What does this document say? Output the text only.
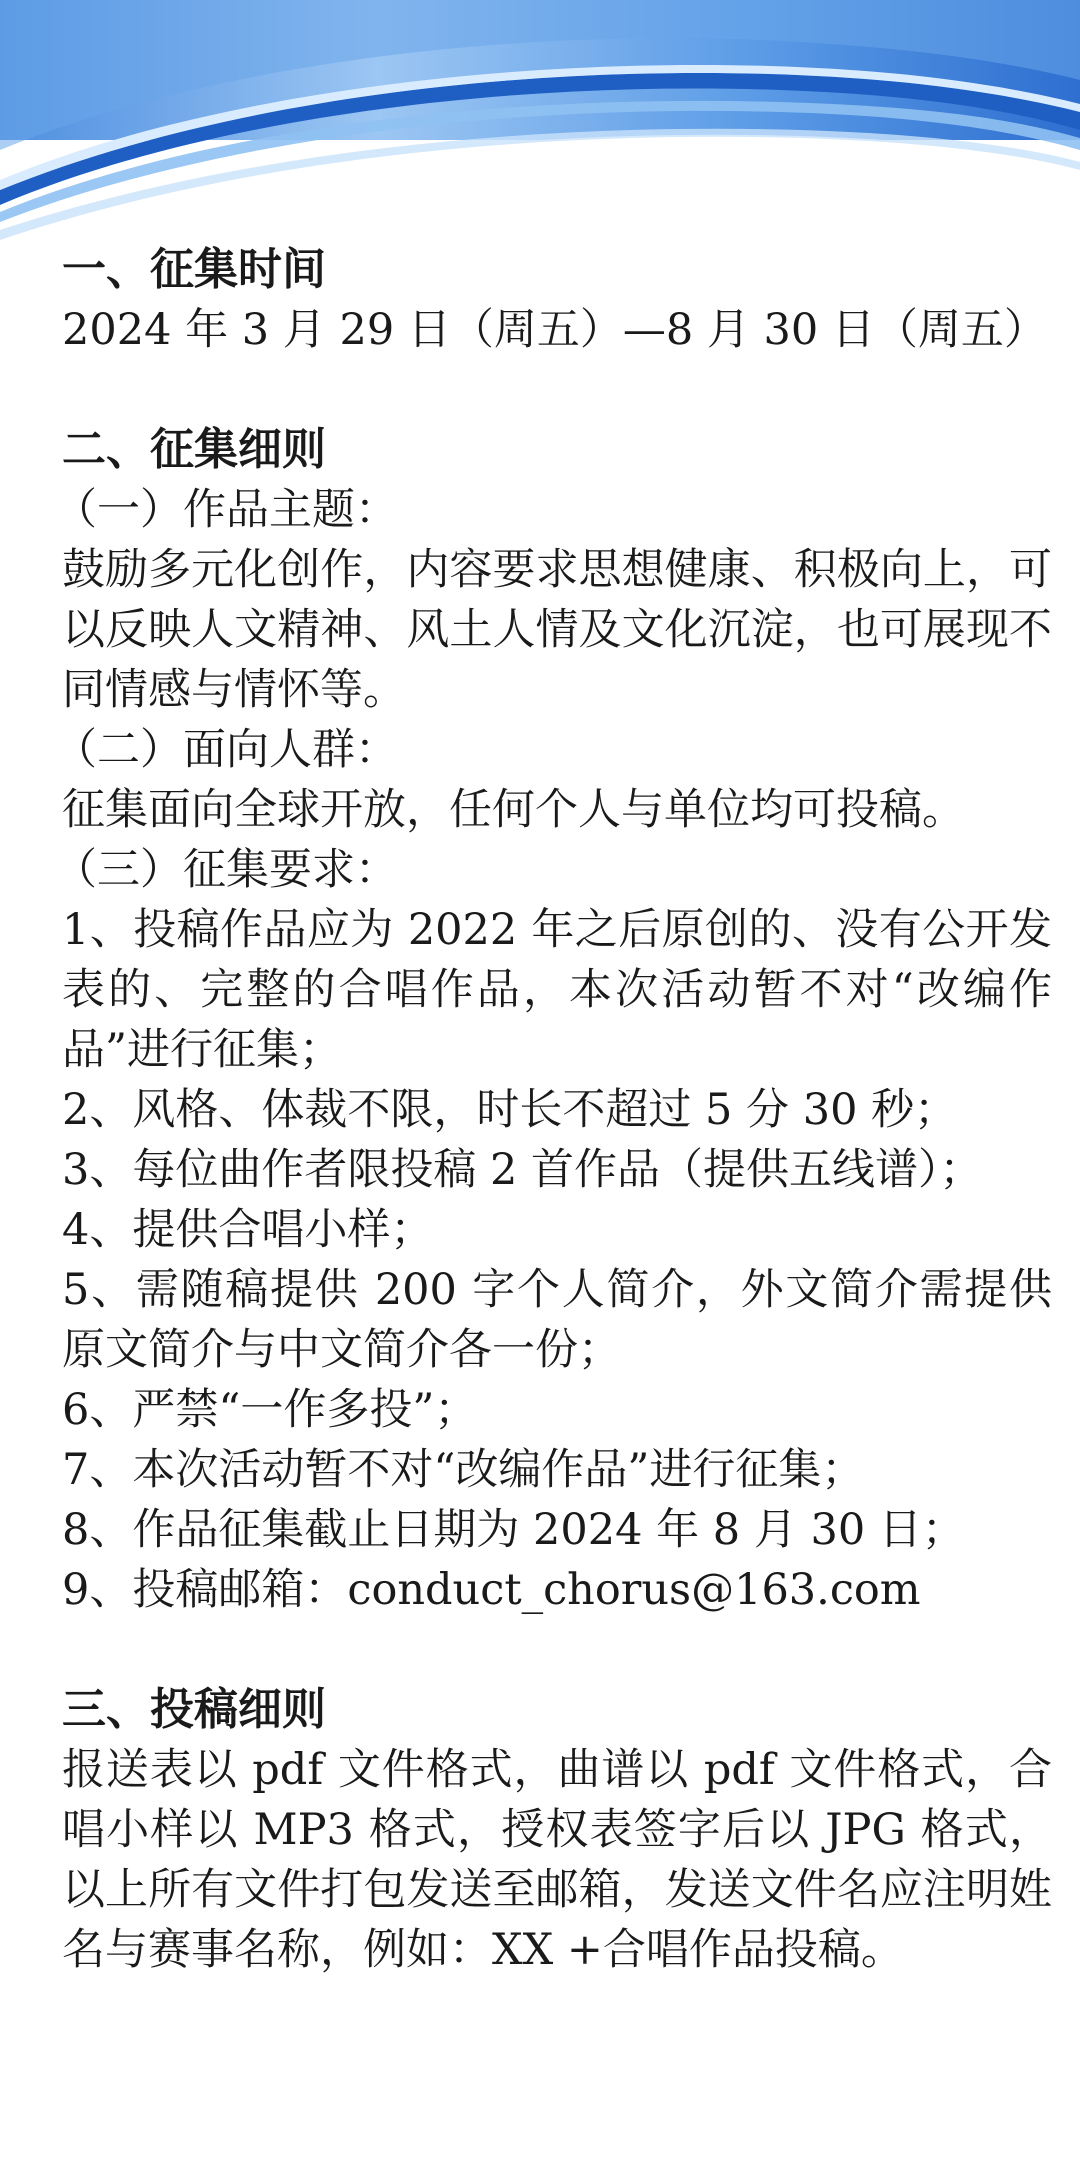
一、征集时间
2024 年 3 月 29 日（周五）—8 月 30 日（周五）
二、征集细则
（一）作品主题：
鼓励多元化创作，内容要求思想健康、积极向上，可以反映人文精神、风土人情及文化沉淀，也可展现不同情感与情怀等。
（二）面向人群：
征集面向全球开放，任何个人与单位均可投稿。
（三）征集要求：
1、投稿作品应为 2022 年之后原创的、没有公开发表的、完整的合唱作品，本次活动暂不对“改编作品”进行征集；
2、风格、体裁不限，时长不超过 5 分 30 秒；
3、每位曲作者限投稿 2 首作品（提供五线谱）；
4、提供合唱小样；
5、需随稿提供 200 字个人简介，外文简介需提供原文简介与中文简介各一份；
6、严禁“一作多投”；
7、本次活动暂不对“改编作品”进行征集；
8、作品征集截止日期为 2024 年 8 月 30 日；
9、投稿邮箱：conduct_chorus@163.com
三、投稿细则
报送表以 pdf 文件格式，曲谱以 pdf 文件格式，合唱小样以 MP3 格式，授权表签字后以 JPG 格式，以上所有文件打包发送至邮箱，发送文件名应注明姓名与赛事名称，例如：XX +合唱作品投稿。
